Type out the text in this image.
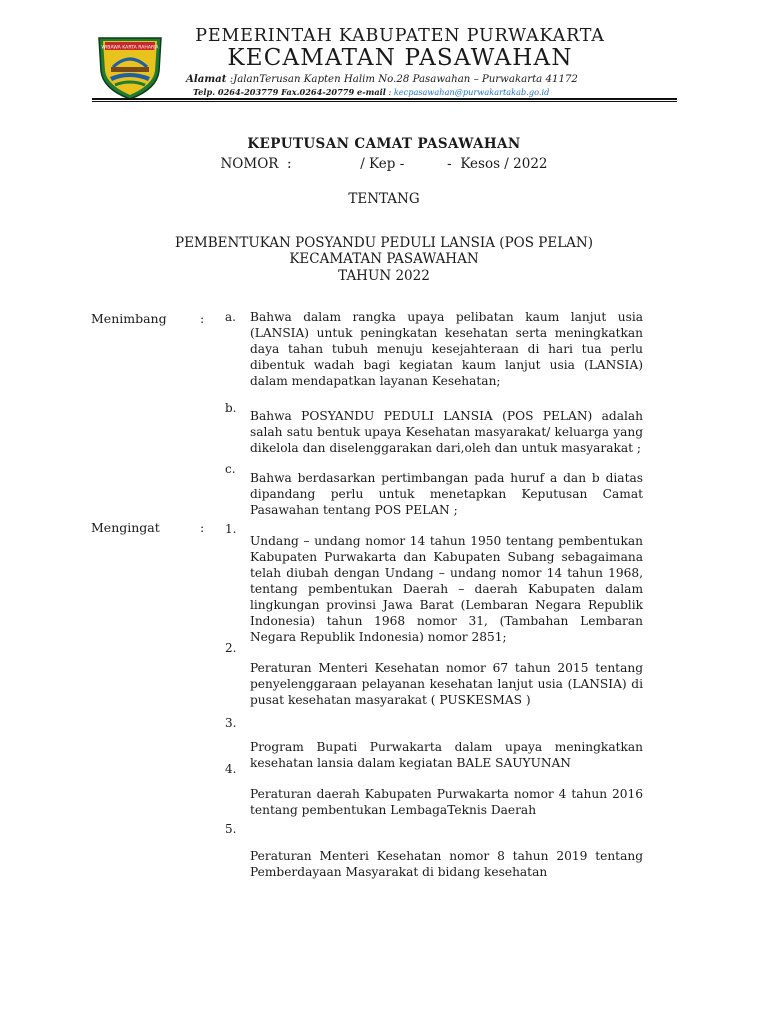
WIBAWA KARTA RAHARJA
PEMERINTAH KABUPATEN PURWAKARTA
KECAMATAN PASAWAHAN
Alamat :JalanTerusan Kapten Halim No.28 Pasawahan – Purwakarta 41172
Telp. 0264-203779 Fax.0264-20779 e-mail : kecpasawahan@purwakartakab.go.id
KEPUTUSAN CAMAT PASAWAHAN
NOMOR  :                / Kep -          -  Kesos / 2022
TENTANG
PEMBENTUKAN POSYANDU PEDULI LANSIA (POS PELAN)
KECAMATAN PASAWAHAN
TAHUN 2022
Menimbang	: a. Bahwa dalam rangka upaya pelibatan kaum lanjut usia (LANSIA) untuk peningkatan kesehatan serta meningkatkan daya tahan tubuh menuju kesejahteraan di hari tua perlu dibentuk wadah bagi kegiatan kaum lanjut usia (LANSIA) dalam mendapatkan layanan Kesehatan;
b.
Bahwa POSYANDU PEDULI LANSIA (POS PELAN) adalah salah satu bentuk upaya Kesehatan masyarakat/ keluarga yang dikelola dan diselenggarakan dari,oleh dan untuk masyarakat ;
c.
Bahwa berdasarkan pertimbangan pada huruf a dan b diatas dipandang perlu untuk menetapkan Keputusan Camat Pasawahan tentang POS PELAN ;
Mengingat	: 1.
Undang – undang nomor 14 tahun 1950 tentang pembentukan Kabupaten Purwakarta dan Kabupaten Subang sebagaimana telah diubah dengan Undang – undang nomor 14 tahun 1968, tentang pembentukan Daerah – daerah Kabupaten dalam lingkungan provinsi Jawa Barat (Lembaran Negara Republik Indonesia) tahun 1968 nomor 31, (Tambahan Lembaran Negara Republik Indonesia) nomor 2851;
2.
Peraturan Menteri Kesehatan nomor 67 tahun 2015 tentang penyelenggaraan pelayanan kesehatan lanjut usia (LANSIA) di pusat kesehatan masyarakat ( PUSKESMAS )
3.
Program Bupati Purwakarta dalam upaya meningkatkan kesehatan lansia dalam kegiatan BALE SAUYUNAN
4.
Peraturan daerah Kabupaten Purwakarta nomor 4 tahun 2016 tentang pembentukan LembagaTeknis Daerah
5.
Peraturan Menteri Kesehatan nomor 8 tahun 2019 tentang Pemberdayaan Masyarakat di bidang kesehatan
